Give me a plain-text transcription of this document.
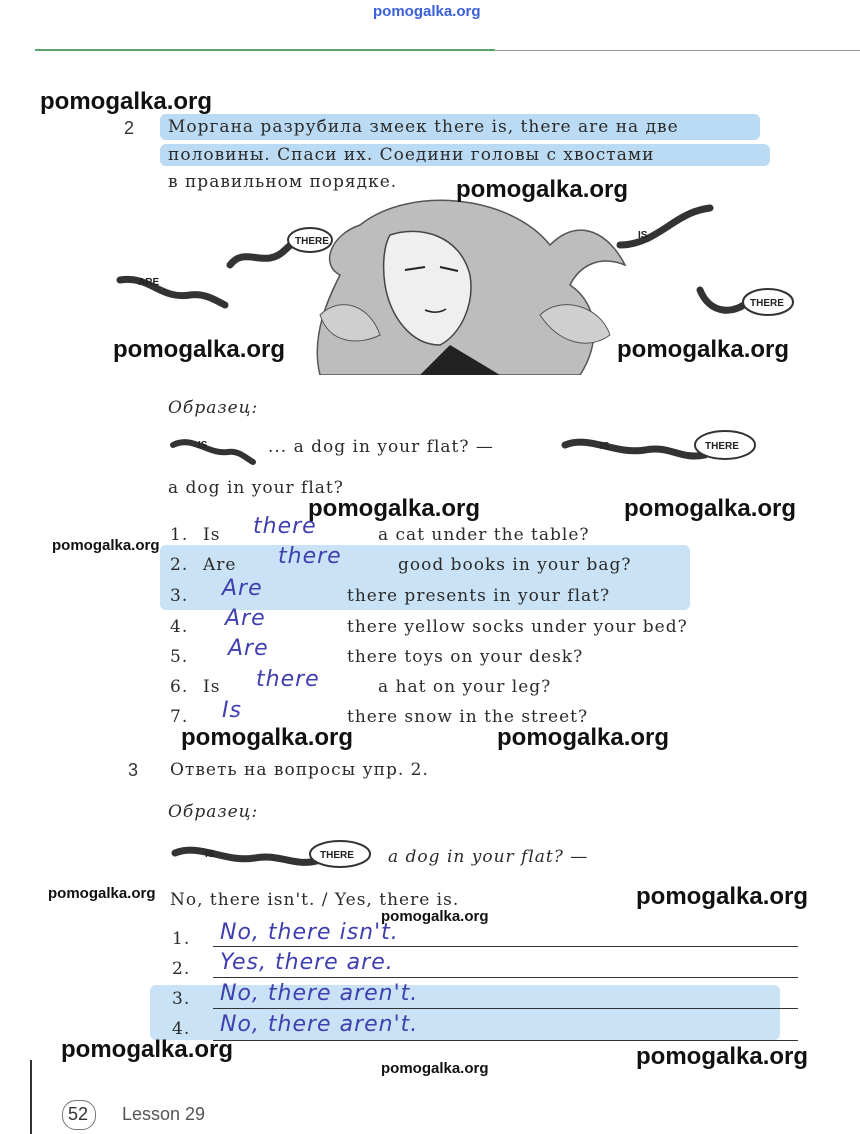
pomogalka.org
2 Моргана разрубила змеек there is, there are на две
половины. Спаси их. Соедини головы с хвостами
в правильном порядке.
THERE
ARE
IS
THERE
Образец:
IS	... a dog in your flat? —	IS	THERE
a dog in your flat?
1. Is there	a cat under the table?
2. Are there	good books in your bag?
3. Are	there presents in your flat?
4. Are	there yellow socks under your bed?
5. Are	there toys on your desk?
6. Is there	a hat on your leg?
7. Is	there snow in the street?
3 Ответь на вопросы упр. 2.
Образец:
IS	THERE a dog in your flat? —
No, there isn't. / Yes, there is.
1. No, there isn't.
2. Yes, there are.
3. No, there aren't.
4. No, there aren't.
52 Lesson 29
pomogalka.org
pomogalka.org
pomogalka.org	pomogalka.org
pomogalka.org	pomogalka.org
pomogalka.org
pomogalka.org	pomogalka.org
pomogalka.org	pomogalka.org
pomogalka.org
pomogalka.org	pomogalka.org
pomogalka.org
